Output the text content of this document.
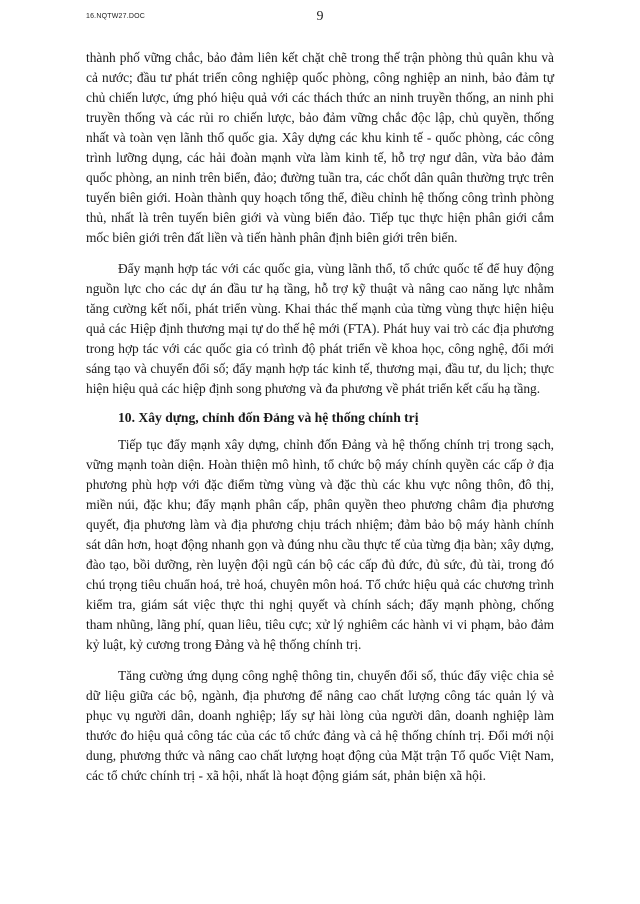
16.NQTW27.DOC	9

thành phố vững chắc, bảo đảm liên kết chặt chẽ trong thế trận phòng thủ quân khu và cả nước; đầu tư phát triển công nghiệp quốc phòng, công nghiệp an ninh, bảo đảm tự chủ chiến lược, ứng phó hiệu quả với các thách thức an ninh truyền thống, an ninh phi truyền thống và các rủi ro chiến lược, bảo đảm vững chắc độc lập, chủ quyền, thống nhất và toàn vẹn lãnh thổ quốc gia. Xây dựng các khu kinh tế - quốc phòng, các công trình lưỡng dụng, các hải đoàn mạnh vừa làm kinh tế, hỗ trợ ngư dân, vừa bảo đảm quốc phòng, an ninh trên biển, đảo; đường tuần tra, các chốt dân quân thường trực trên tuyến biên giới. Hoàn thành quy hoạch tổng thể, điều chỉnh hệ thống công trình phòng thủ, nhất là trên tuyến biên giới và vùng biển đảo. Tiếp tục thực hiện phân giới cắm mốc biên giới trên đất liền và tiến hành phân định biên giới trên biển.

Đẩy mạnh hợp tác với các quốc gia, vùng lãnh thổ, tổ chức quốc tế để huy động nguồn lực cho các dự án đầu tư hạ tầng, hỗ trợ kỹ thuật và nâng cao năng lực nhằm tăng cường kết nối, phát triển vùng. Khai thác thế mạnh của từng vùng thực hiện hiệu quả các Hiệp định thương mại tự do thế hệ mới (FTA). Phát huy vai trò các địa phương trong hợp tác với các quốc gia có trình độ phát triển về khoa học, công nghệ, đổi mới sáng tạo và chuyển đổi số; đẩy mạnh hợp tác kinh tế, thương mại, đầu tư, du lịch; thực hiện hiệu quả các hiệp định song phương và đa phương về phát triển kết cấu hạ tầng.

10. Xây dựng, chỉnh đốn Đảng và hệ thống chính trị

Tiếp tục đẩy mạnh xây dựng, chỉnh đốn Đảng và hệ thống chính trị trong sạch, vững mạnh toàn diện. Hoàn thiện mô hình, tổ chức bộ máy chính quyền các cấp ở địa phương phù hợp với đặc điểm từng vùng và đặc thù các khu vực nông thôn, đô thị, miền núi, đặc khu; đẩy mạnh phân cấp, phân quyền theo phương châm địa phương quyết, địa phương làm và địa phương chịu trách nhiệm; đảm bảo bộ máy hành chính sát dân hơn, hoạt động nhanh gọn và đúng nhu cầu thực tế của từng địa bàn; xây dựng, đào tạo, bồi dưỡng, rèn luyện đội ngũ cán bộ các cấp đủ đức, đủ sức, đủ tài, trong đó chú trọng tiêu chuẩn hoá, trẻ hoá, chuyên môn hoá. Tổ chức hiệu quả các chương trình kiểm tra, giám sát việc thực thi nghị quyết và chính sách; đẩy mạnh phòng, chống tham nhũng, lãng phí, quan liêu, tiêu cực; xử lý nghiêm các hành vi vi phạm, bảo đảm kỷ luật, kỷ cương trong Đảng và hệ thống chính trị.

Tăng cường ứng dụng công nghệ thông tin, chuyển đổi số, thúc đẩy việc chia sẻ dữ liệu giữa các bộ, ngành, địa phương để nâng cao chất lượng công tác quản lý và phục vụ người dân, doanh nghiệp; lấy sự hài lòng của người dân, doanh nghiệp làm thước đo hiệu quả công tác của các tổ chức đảng và cả hệ thống chính trị. Đổi mới nội dung, phương thức và nâng cao chất lượng hoạt động của Mặt trận Tổ quốc Việt Nam, các tổ chức chính trị - xã hội, nhất là hoạt động giám sát, phản biện xã hội.
